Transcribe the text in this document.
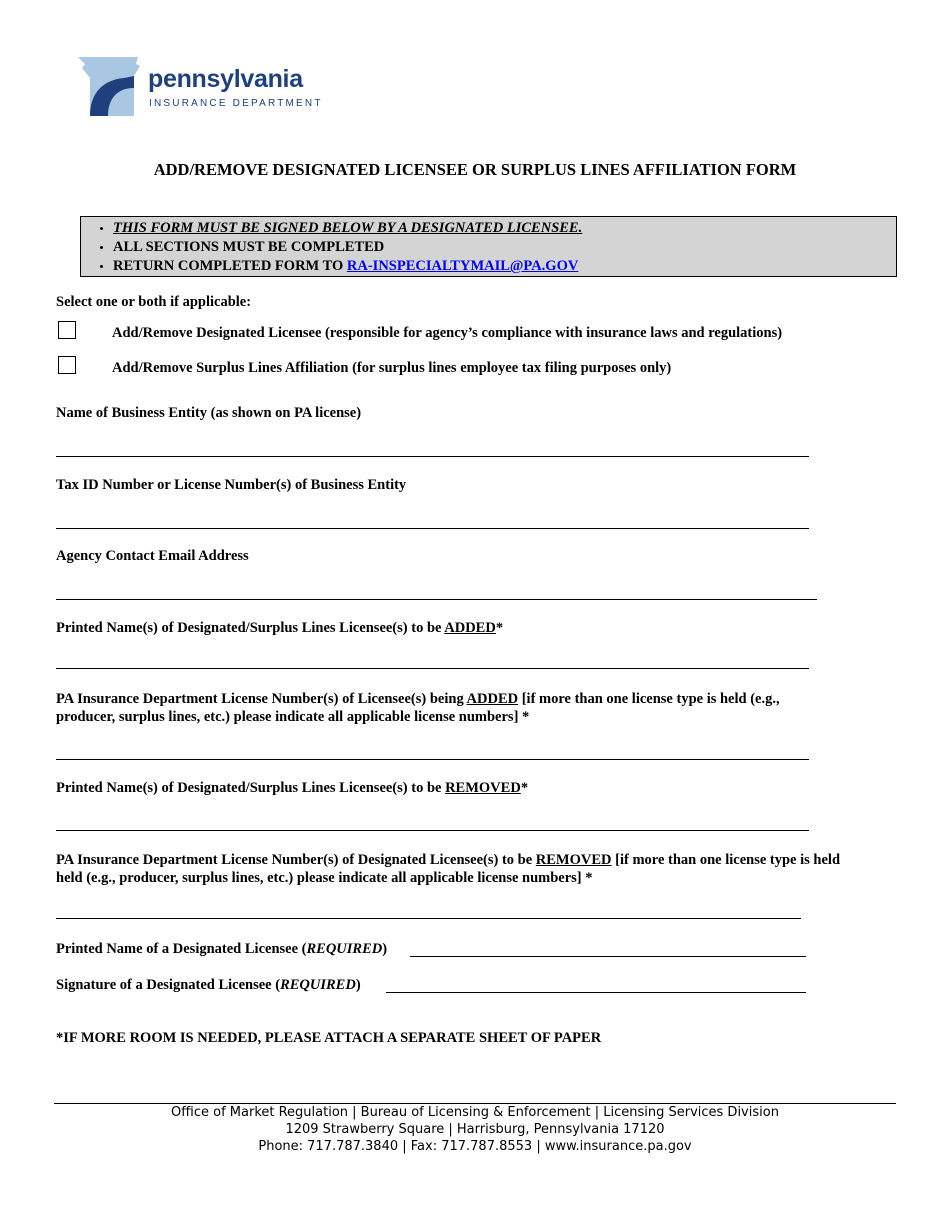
pennsylvania
INSURANCE DEPARTMENT
ADD/REMOVE DESIGNATED LICENSEE OR SURPLUS LINES AFFILIATION FORM
• THIS FORM MUST BE SIGNED BELOW BY A DESIGNATED LICENSEE.
• ALL SECTIONS MUST BE COMPLETED
• RETURN COMPLETED FORM TO RA-INSPECIALTYMAIL@PA.GOV
Select one or both if applicable:
Add/Remove Designated Licensee (responsible for agency’s compliance with insurance laws and regulations)
Add/Remove Surplus Lines Affiliation (for surplus lines employee tax filing purposes only)
Name of Business Entity (as shown on PA license)
Tax ID Number or License Number(s) of Business Entity
Agency Contact Email Address
Printed Name(s) of Designated/Surplus Lines Licensee(s) to be ADDED*
PA Insurance Department License Number(s) of Licensee(s) being ADDED [if more than one license type is held (e.g.,
producer, surplus lines, etc.) please indicate all applicable license numbers] *
Printed Name(s) of Designated/Surplus Lines Licensee(s) to be REMOVED*
PA Insurance Department License Number(s) of Designated Licensee(s) to be REMOVED [if more than one license type is held
held (e.g., producer, surplus lines, etc.) please indicate all applicable license numbers] *
Printed Name of a Designated Licensee (REQUIRED)
Signature of a Designated Licensee (REQUIRED)
*IF MORE ROOM IS NEEDED, PLEASE ATTACH A SEPARATE SHEET OF PAPER
Office of Market Regulation | Bureau of Licensing & Enforcement | Licensing Services Division
1209 Strawberry Square | Harrisburg, Pennsylvania 17120
Phone: 717.787.3840 | Fax: 717.787.8553 | www.insurance.pa.gov
